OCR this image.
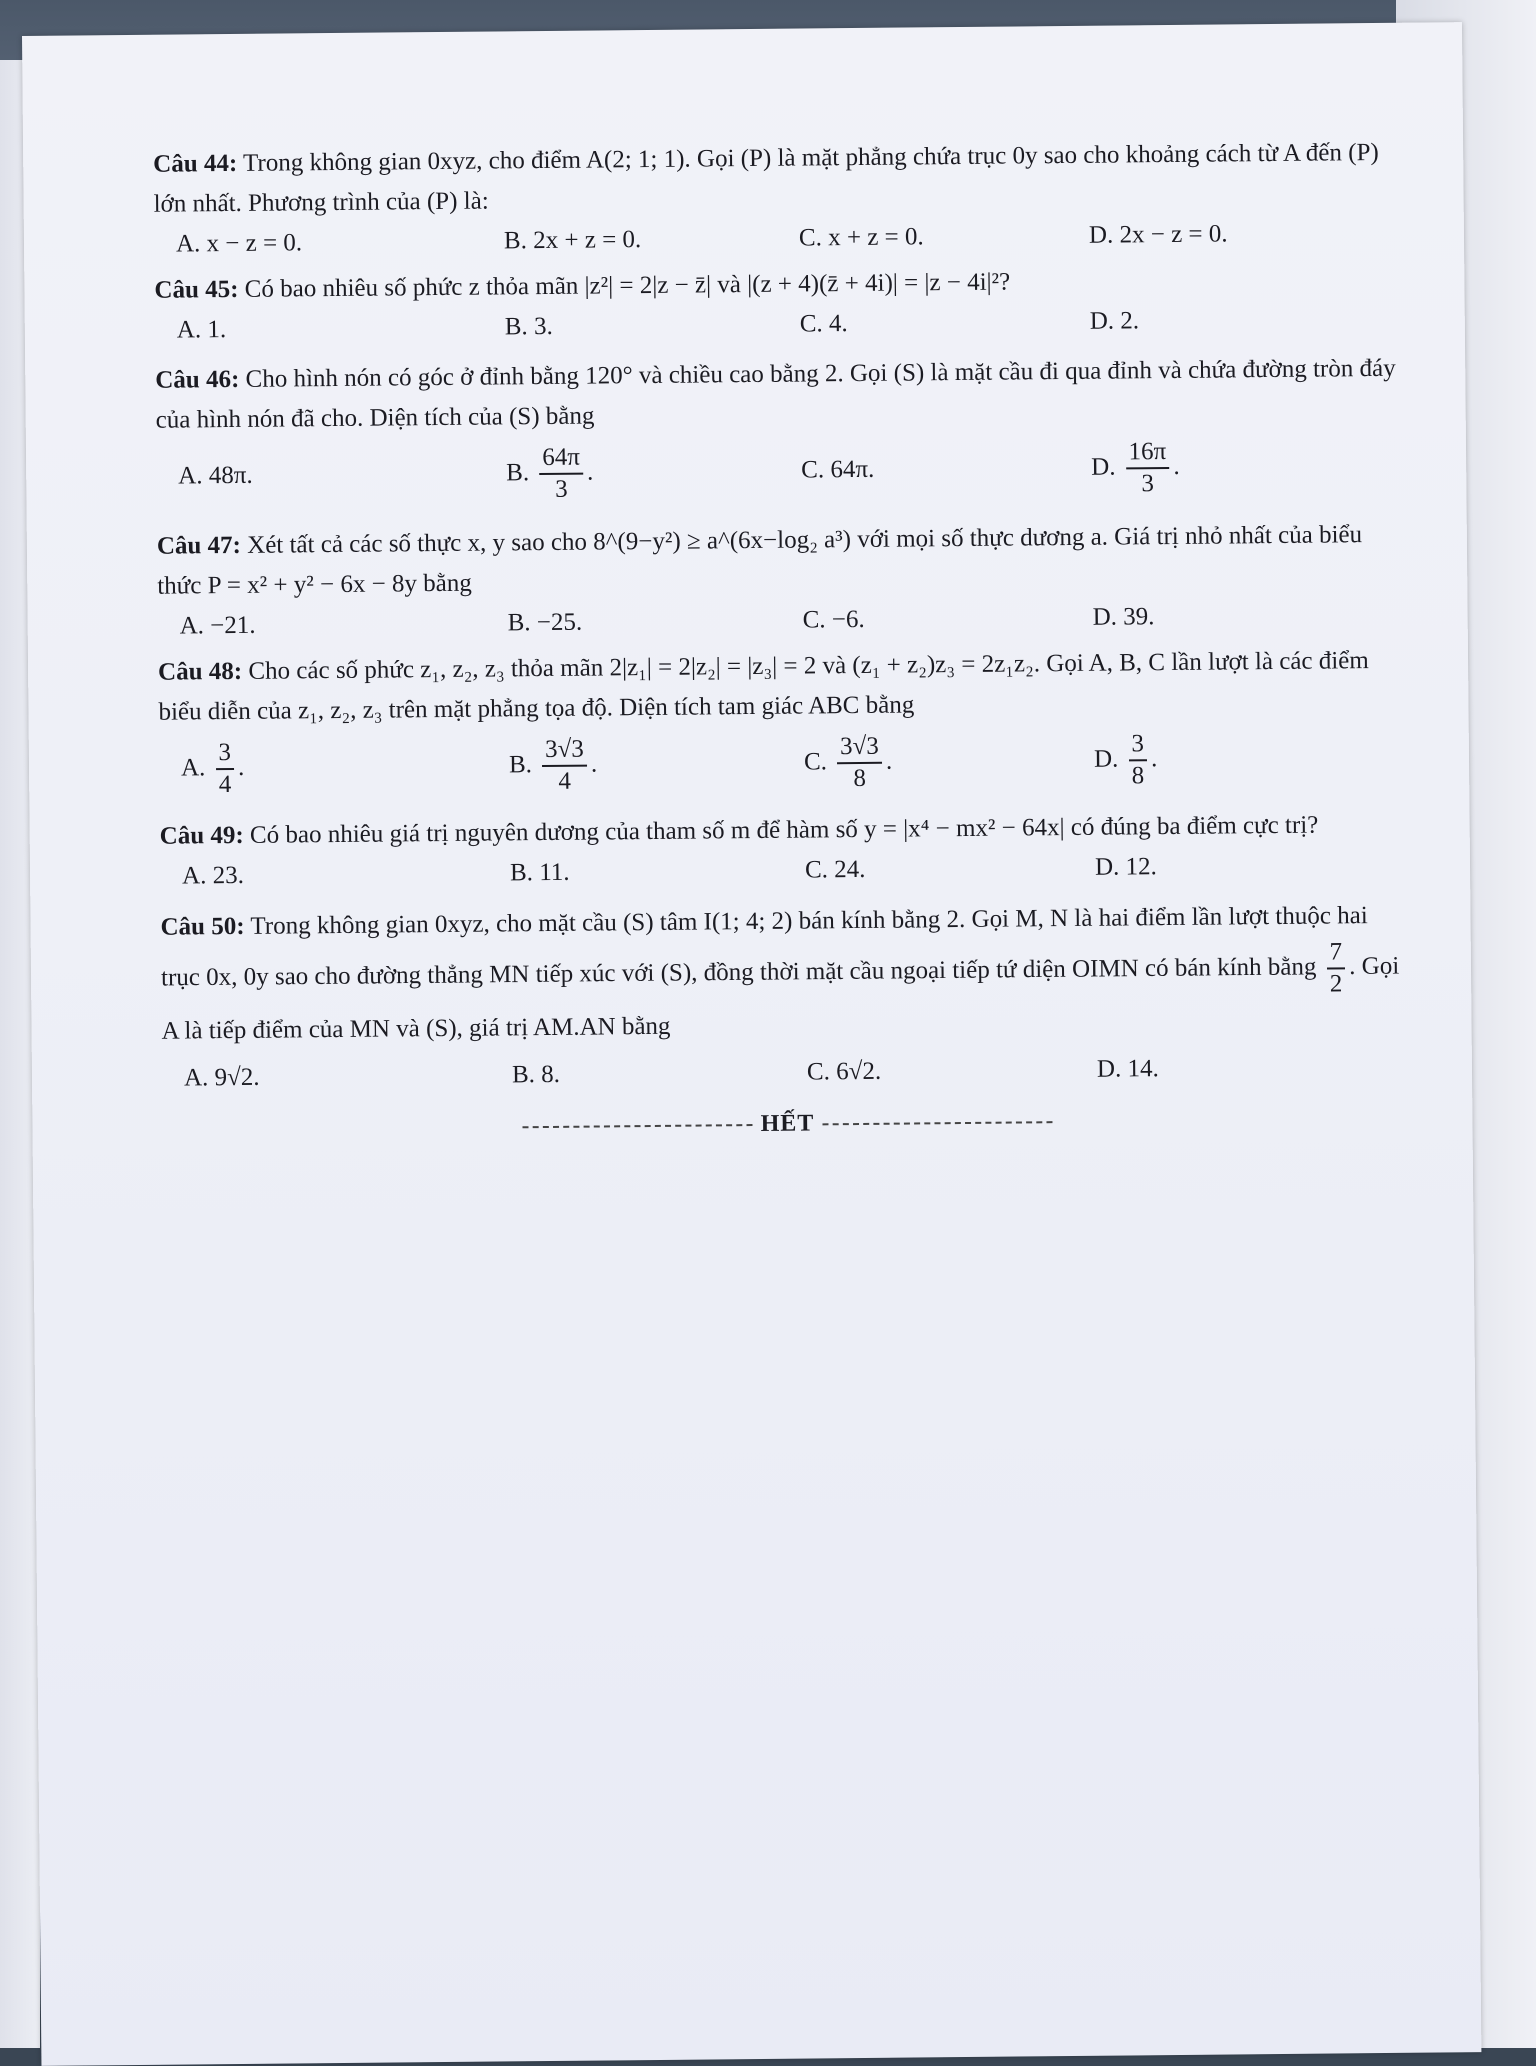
Câu 44: Trong không gian 0xyz, cho điểm A(2; 1; 1). Gọi (P) là mặt phẳng chứa trục 0y sao cho khoảng cách từ A đến (P) lớn nhất. Phương trình của (P) là:
A. x − z = 0.	B. 2x + z = 0.	C. x + z = 0.	D. 2x − z = 0.
Câu 45: Có bao nhiêu số phức z thỏa mãn |z²| = 2|z − z̄| và |(z + 4)(z̄ + 4i)| = |z − 4i|²?
A. 1.	B. 3.	C. 4.	D. 2.
Câu 46: Cho hình nón có góc ở đỉnh bằng 120° và chiều cao bằng 2. Gọi (S) là mặt cầu đi qua đỉnh và chứa đường tròn đáy của hình nón đã cho. Diện tích của (S) bằng
A. 48π.	B. $\frac{64\pi}{3}$ .	C. 64π.	D. $\frac{16\pi}{3}$ .
Câu 47: Xét tất cả các số thực x, y sao cho 8^(9−y²) ≥ a^(6x−log₂ a³) với mọi số thực dương a. Giá trị nhỏ nhất của biểu thức P = x² + y² − 6x − 8y bằng
A. −21.	B. −25.	C. −6.	D. 39.
Câu 48: Cho các số phức z₁, z₂, z₃ thỏa mãn 2|z₁| = 2|z₂| = |z₃| = 2 và (z₁ + z₂)z₃ = 2z₁z₂. Gọi A, B, C lần lượt là các điểm biểu diễn của z₁, z₂, z₃ trên mặt phẳng tọa độ. Diện tích tam giác ABC bằng
A. $\frac{3}{4}$ .	B. $\frac{3√3}{4}$ .	C. $\frac{3√3}{8}$ .	D. $\frac{3}{8}$ .
Câu 49: Có bao nhiêu giá trị nguyên dương của tham số m để hàm số y = |x⁴ − mx² − 64x| có đúng ba điểm cực trị?
A. 23.	B. 11.	C. 24.	D. 12.
Câu 50: Trong không gian 0xyz, cho mặt cầu (S) tâm I(1; 4; 2) bán kính bằng 2. Gọi M, N là hai điểm lần lượt thuộc hai trục 0x, 0y sao cho đường thẳng MN tiếp xúc với (S), đồng thời mặt cầu ngoại tiếp tứ diện OIMN có bán kính bằng $\frac{7}{2}$ . Gọi A là tiếp điểm của MN và (S), giá trị AM.AN bằng
A. 9√2.	B. 8.	C. 6√2.	D. 14.
HẾT
